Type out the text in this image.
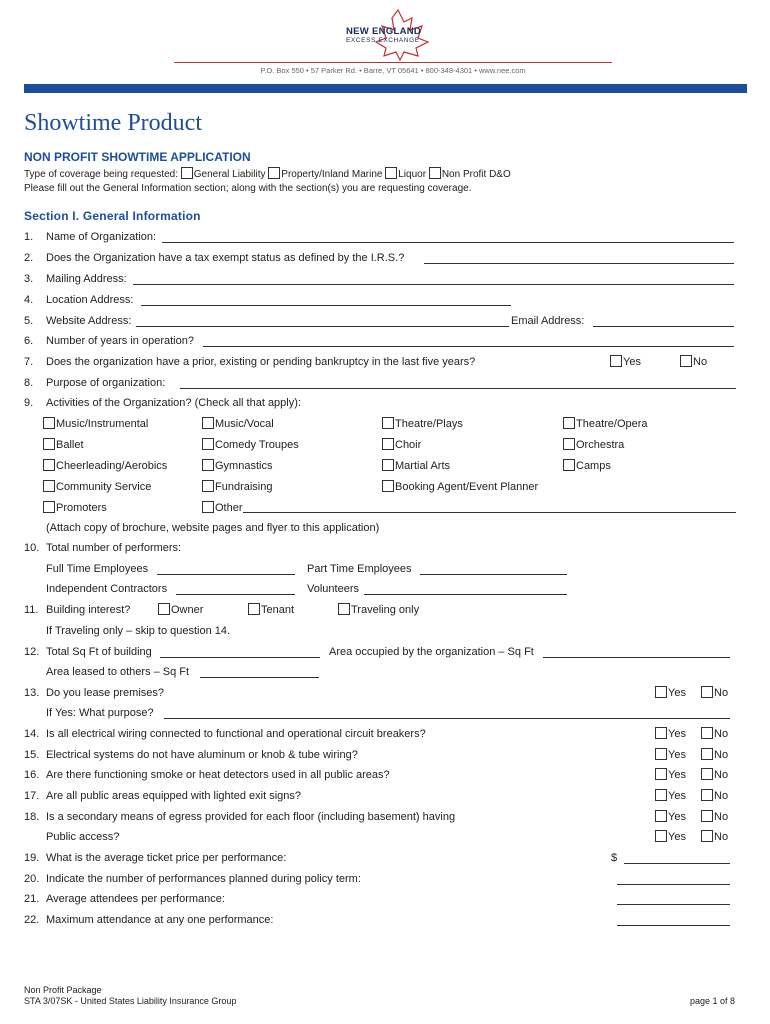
NEW ENGLAND
EXCESS EXCHANGE
P.O. Box 550 • 57 Parker Rd. • Barre, VT 05641 • 800-348-4301 • www.nee.com
Showtime Product
NON PROFIT SHOWTIME APPLICATION
Type of coverage being requested: General Liability Property/Inland Marine Liquor Non Profit D&O
Please fill out the General Information section; along with the section(s) you are requesting coverage.
Section I. General Information
1. Name of Organization:
2. Does the Organization have a tax exempt status as defined by the I.R.S.?
3. Mailing Address:
4. Location Address:
5. Website Address:	Email Address:
6. Number of years in operation?
7. Does the organization have a prior, existing or pending bankruptcy in the last five years?	Yes	No
8. Purpose of organization:
9. Activities of the Organization? (Check all that apply):
Music/Instrumental	Music/Vocal	Theatre/Plays	Theatre/Opera
Ballet	Comedy Troupes	Choir	Orchestra
Cheerleading/Aerobics	Gymnastics	Martial Arts	Camps
Community Service	Fundraising	Booking Agent/Event Planner
Promoters	Other
(Attach copy of brochure, website pages and flyer to this application)
10. Total number of performers:
Full Time Employees	Part Time Employees
Independent Contractors	Volunteers
11. Building interest?	Owner	Tenant	Traveling only
If Traveling only – skip to question 14.
12. Total Sq Ft of building	Area occupied by the organization – Sq Ft
Area leased to others – Sq Ft
13. Do you lease premises?	Yes	No
If Yes: What purpose?
14. Is all electrical wiring connected to functional and operational circuit breakers?	Yes	No
15. Electrical systems do not have aluminum or knob & tube wiring?	Yes	No
16. Are there functioning smoke or heat detectors used in all public areas?	Yes	No
17. Are all public areas equipped with lighted exit signs?	Yes	No
18. Is a secondary means of egress provided for each floor (including basement) having	Yes	No
Public access?	Yes	No
19. What is the average ticket price per performance:	$
20. Indicate the number of performances planned during policy term:
21. Average attendees per performance:
22. Maximum attendance at any one performance:
Non Profit Package
STA 3/07SK - United States Liability Insurance Group	page 1 of 8
